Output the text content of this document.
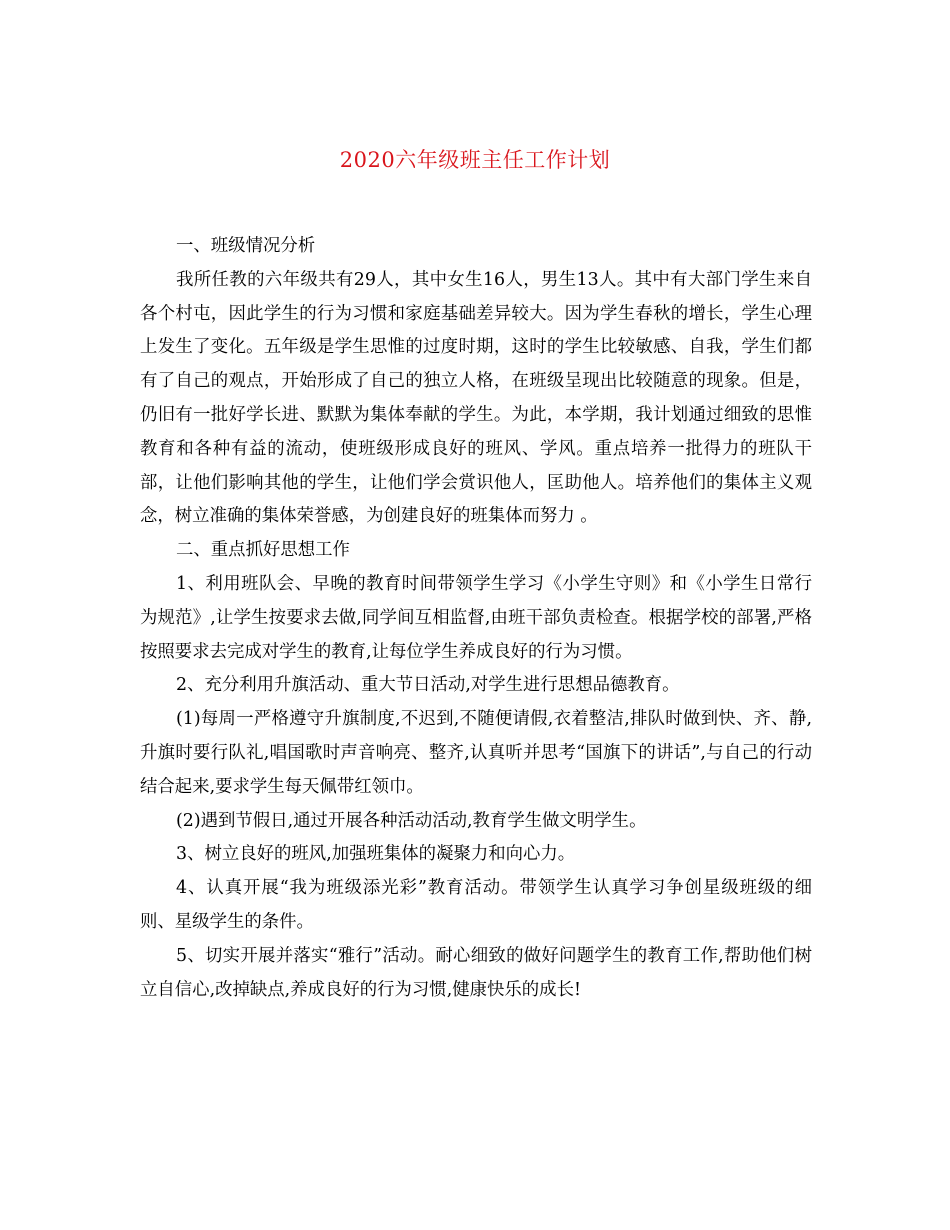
2020六年级班主任工作计划

一、班级情况分析

我所任教的六年级共有29人，其中女生16人，男生13人。其中有大部门学生来自各个村屯，因此学生的行为习惯和家庭基础差异较大。因为学生春秋的增长，学生心理上发生了变化。五年级是学生思惟的过度时期，这时的学生比较敏感、自我，学生们都有了自己的观点，开始形成了自己的独立人格，在班级呈现出比较随意的现象。但是，仍旧有一批好学长进、默默为集体奉献的学生。为此，本学期，我计划通过细致的思惟教育和各种有益的流动，使班级形成良好的班风、学风。重点培养一批得力的班队干部，让他们影响其他的学生，让他们学会赏识他人，匡助他人。培养他们的集体主义观念，树立准确的集体荣誉感，为创建良好的班集体而努力 。

二、重点抓好思想工作

1、利用班队会、早晚的教育时间带领学生学习《小学生守则》和《小学生日常行为规范》,让学生按要求去做,同学间互相监督,由班干部负责检查。根据学校的部署,严格按照要求去完成对学生的教育,让每位学生养成良好的行为习惯。

2、充分利用升旗活动、重大节日活动,对学生进行思想品德教育。

(1)每周一严格遵守升旗制度,不迟到,不随便请假,衣着整洁,排队时做到快、齐、静,升旗时要行队礼,唱国歌时声音响亮、整齐,认真听并思考“国旗下的讲话”,与自己的行动结合起来,要求学生每天佩带红领巾。

(2)遇到节假日,通过开展各种活动活动,教育学生做文明学生。

3、树立良好的班风,加强班集体的凝聚力和向心力。

4、认真开展“我为班级添光彩”教育活动。带领学生认真学习争创星级班级的细则、星级学生的条件。

5、切实开展并落实“雅行”活动。耐心细致的做好问题学生的教育工作,帮助他们树立自信心,改掉缺点,养成良好的行为习惯,健康快乐的成长!
